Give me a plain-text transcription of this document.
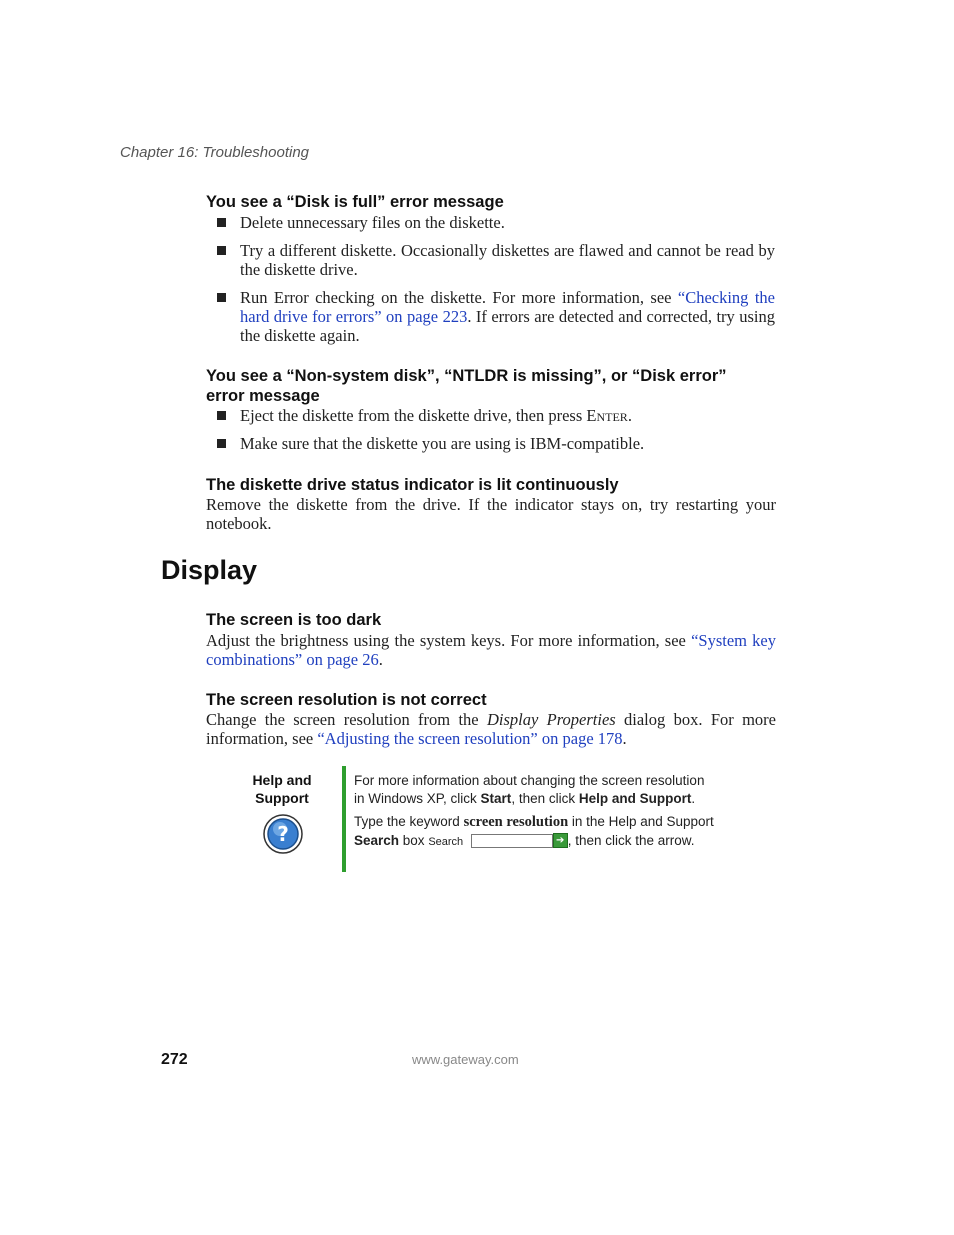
Chapter 16: Troubleshooting
You see a “Disk is full” error message
Delete unnecessary files on the diskette.
Try a different diskette. Occasionally diskettes are flawed and cannot be read by the diskette drive.
Run Error checking on the diskette. For more information, see “Checking the hard drive for errors” on page 223. If errors are detected and corrected, try using the diskette again.
You see a “Non-system disk”, “NTLDR is missing”, or “Disk error”
error message
Eject the diskette from the diskette drive, then press Enter.
Make sure that the diskette you are using is IBM-compatible.
The diskette drive status indicator is lit continuously
Remove the diskette from the drive. If the indicator stays on, try restarting your notebook.
Display
The screen is too dark
Adjust the brightness using the system keys. For more information, see “System key combinations” on page 26.
The screen resolution is not correct
Change the screen resolution from the Display Properties dialog box. For more information, see “Adjusting the screen resolution” on page 178.
Help and
Support
?
For more information about changing the screen resolution in Windows XP, click Start, then click Help and Support.
Type the keyword screen resolution in the Help and Support Search box Search	➔ , then click the arrow.
272	www.gateway.com
